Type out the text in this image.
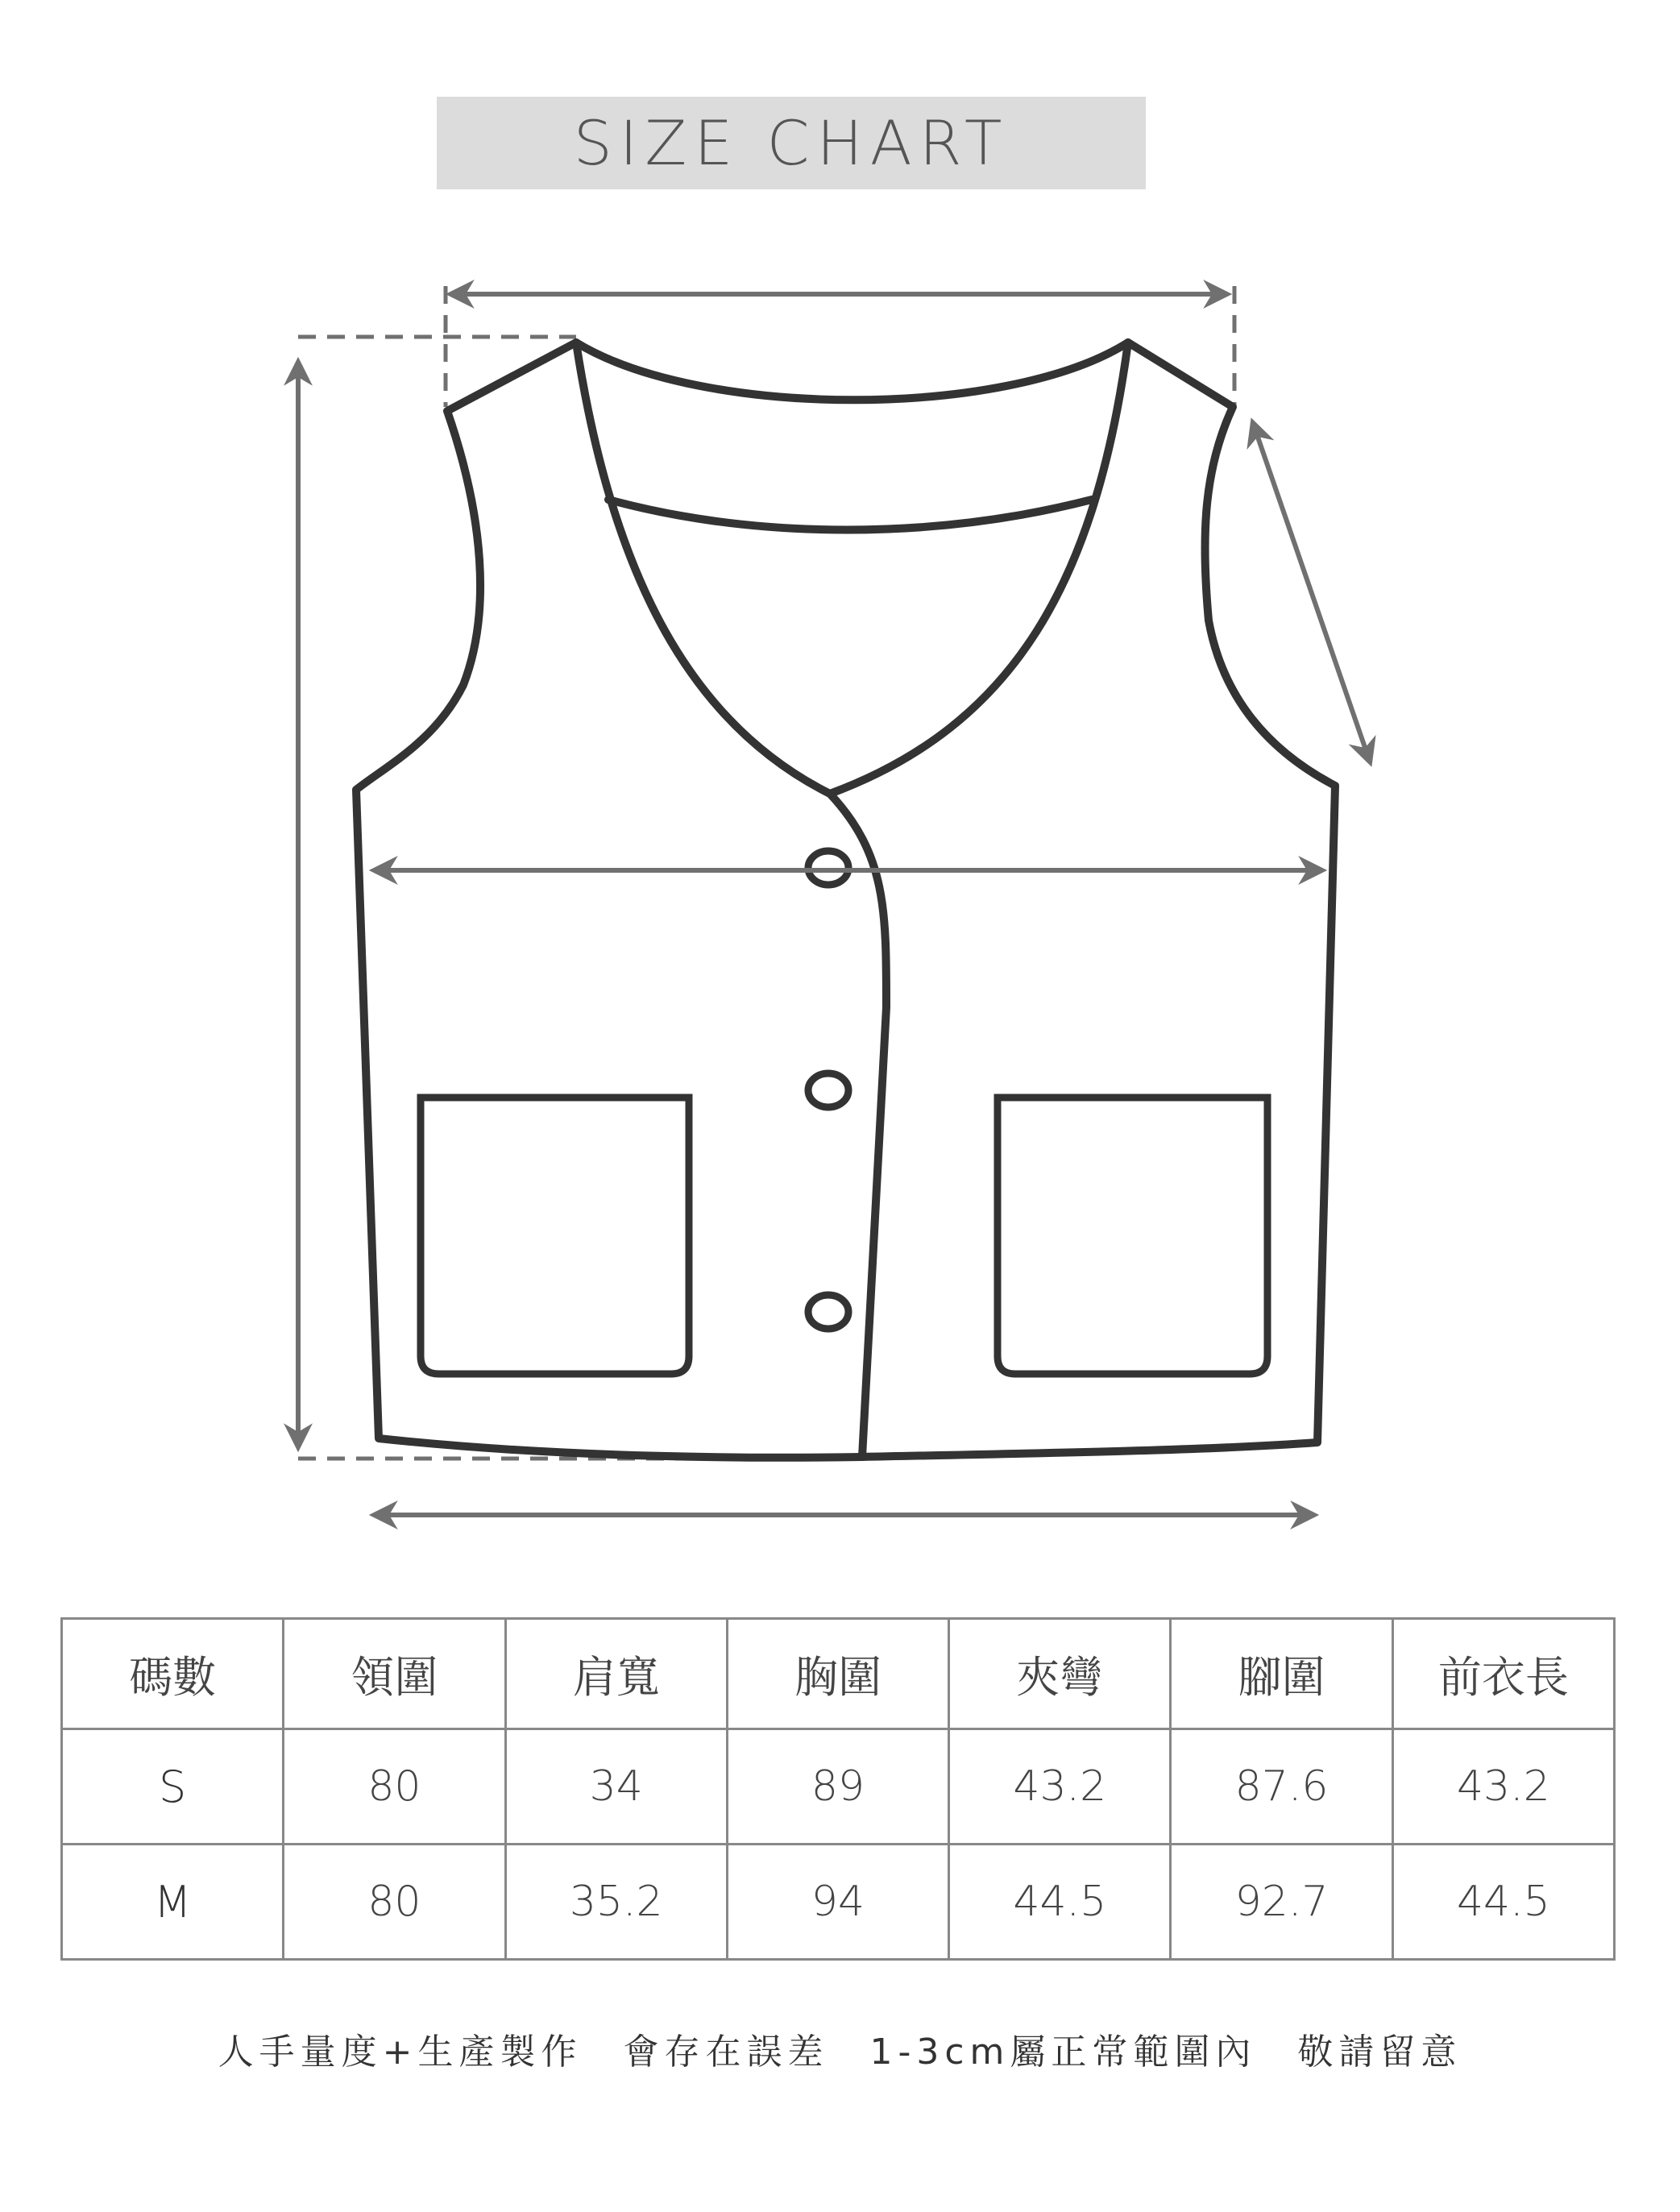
SIZE CHART
碼數	領圍	肩寬	胸圍	夾彎	腳圍	前衣長
S	80	34	89	43.2	87.6	43.2
M	80	35.2	94	44.5	92.7	44.5
人手量度+生產製作　會存在誤差　1-3cm屬正常範圍內　敬請留意
